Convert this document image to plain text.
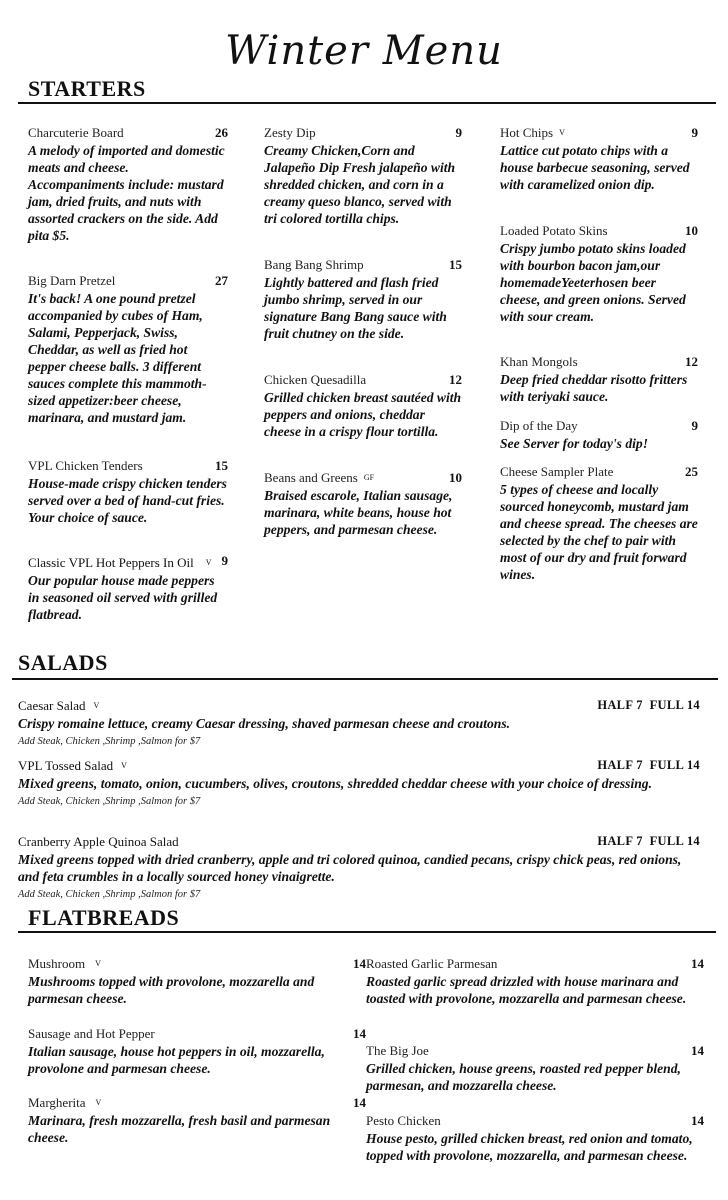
Winter Menu
STARTERS
Charcuterie Board	26
A melody of imported and domestic meats and cheese. Accompaniments include: mustard jam, dried fruits, and nuts with assorted crackers on the side. Add pita $5.
Big Darn Pretzel	27
It's back! A one pound pretzel accompanied by cubes of Ham, Salami, Pepperjack, Swiss, Cheddar, as well as fried hot pepper cheese balls. 3 different sauces complete this mammoth-sized appetizer:beer cheese, marinara, and mustard jam.
VPL Chicken Tenders	15
House-made crispy chicken tenders served over a bed of hand-cut fries. Your choice of sauce.
Classic VPL Hot Peppers In Oil	V 9
Our popular house made peppers in seasoned oil served with grilled flatbread.
Zesty Dip	9
Creamy Chicken,Corn and Jalapeño Dip Fresh jalapeño with shredded chicken, and corn in a creamy queso blanco, served with tri colored tortilla chips.
Bang Bang Shrimp	15
Lightly battered and flash fried jumbo shrimp, served in our signature Bang Bang sauce with fruit chutney on the side.
Chicken Quesadilla	12
Grilled chicken breast sautéed with peppers and onions, cheddar cheese in a crispy flour tortilla.
Beans and Greens $^{GF}$	10
Braised escarole, Italian sausage, marinara, white beans, house hot peppers, and parmesan cheese.
Hot Chips $^V$	9
Lattice cut potato chips with a house barbecue seasoning, served with caramelized onion dip.
Loaded Potato Skins	10
Crispy jumbo potato skins loaded with bourbon bacon jam,our homemadeYeeterhosen beer cheese, and green onions. Served with sour cream.
Khan Mongols	12
Deep fried cheddar risotto fritters with teriyaki sauce.
Dip of the Day	9
See Server for today's dip!
Cheese Sampler Plate	25
5 types of cheese and locally sourced honeycomb, mustard jam and cheese spread. The cheeses are selected by the chef to pair with most of our dry and fruit forward wines.
SALADS
Caesar Salad $^V$	HALF 7  FULL 14
Crispy romaine lettuce, creamy Caesar dressing, shaved parmesan cheese and croutons.
Add Steak, Chicken ,Shrimp ,Salmon for $7
VPL Tossed Salad $^V$	HALF 7  FULL 14
Mixed greens, tomato, onion, cucumbers, olives, croutons, shredded cheddar cheese with your choice of dressing.
Add Steak, Chicken ,Shrimp ,Salmon for $7
Cranberry Apple Quinoa Salad	HALF 7  FULL 14
Mixed greens topped with dried cranberry, apple and tri colored quinoa, candied pecans, crispy chick peas, red onions, and feta crumbles in a locally sourced honey vinaigrette.
Add Steak, Chicken ,Shrimp ,Salmon for $7
FLATBREADS
Mushroom $^V$	14
Mushrooms topped with provolone, mozzarella and parmesan cheese.
Sausage and Hot Pepper	14
Italian sausage, house hot peppers in oil, mozzarella, provolone and parmesan cheese.
Margherita $^V$	14
Marinara, fresh mozzarella, fresh basil and parmesan cheese.
Roasted Garlic Parmesan	14
Roasted garlic spread drizzled with house marinara and toasted with provolone, mozzarella and parmesan cheese.
The Big Joe	14
Grilled chicken, house greens, roasted red pepper blend, parmesan, and mozzarella cheese.
Pesto Chicken	14
House pesto, grilled chicken breast, red onion and tomato, topped with provolone, mozzarella, and parmesan cheese.
